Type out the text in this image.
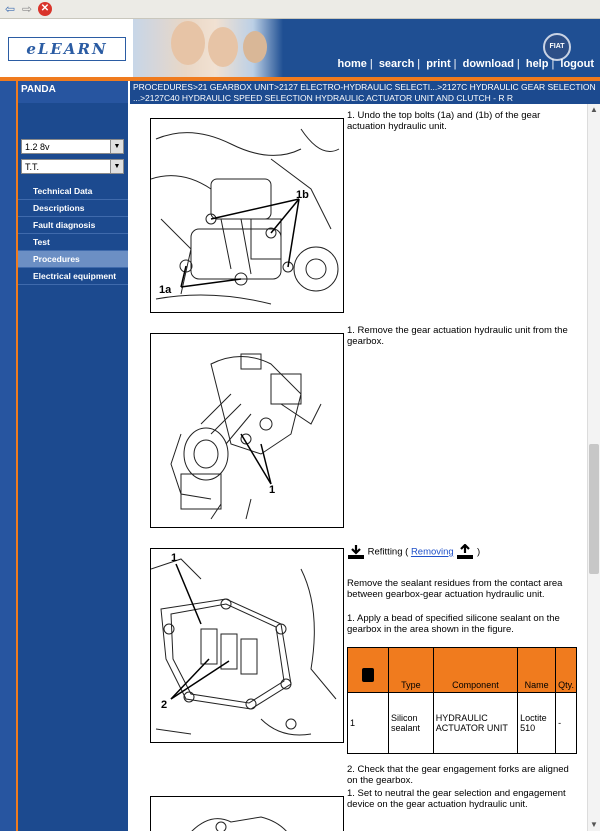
⇦ ⇨ ✕
eLEARN	FIAT
home | search | print | download | help | logout
PANDA
1.2 8v	▼
T.T.	▼
Technical Data
Descriptions
Fault diagnosis
Test
Procedures
Electrical equipment
PROCEDURES>21 GEARBOX UNIT>2127 ELECTRO-HYDRAULIC SELECTI...>2127C HYDRAULIC GEAR SELECTION ...>2127C40 HYDRAULIC SPEED SELECTION HYDRAULIC ACTUATOR UNIT AND CLUTCH - R R
1b
1a
1. Undo the top bolts (1a) and (1b) of the gear actuation hydraulic unit.
1
1. Remove the gear actuation hydraulic unit from the gearbox.
1
2
Refitting ( Removing )
Remove the sealant residues from the contact area between gearbox-gear actuation hydraulic unit.
1. Apply a bead of specified silicone sealant on the gearbox in the area shown in the figure.
	Type	Component	Name	Qty.
1	Silicon sealant	HYDRAULIC ACTUATOR UNIT	Loctite 510	-
2. Check that the gear engagement forks are aligned on the gearbox.
1. Set to neutral the gear selection and engagement device on the gear actuation hydraulic unit.
▲
▼
